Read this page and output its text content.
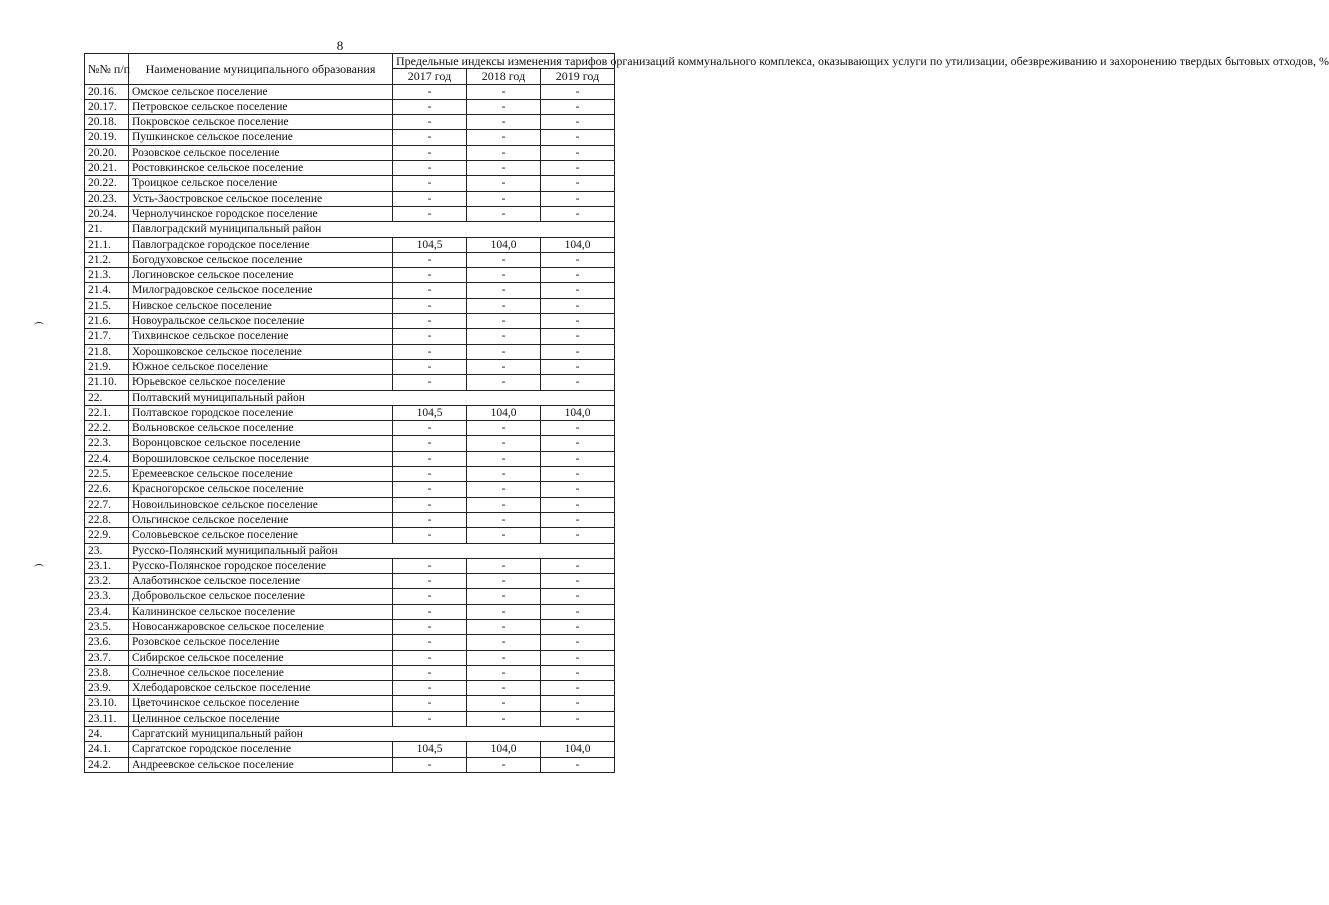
8
№№ п/п	Наименование муниципального образования	Предельные индексы изменения тарифов организаций коммунального комплекса, оказывающих услуги по утилизации, обезвреживанию и захоронению твердых бытовых отходов, %		
		2017 год	2018 год	2019 год
20.16.	Омское сельское поселение	-	-	-
20.17.	Петровское сельское поселение	-	-	-
20.18.	Покровское сельское поселение	-	-	-
20.19.	Пушкинское сельское поселение	-	-	-
20.20.	Розовское сельское поселение	-	-	-
20.21.	Ростовкинское сельское поселение	-	-	-
20.22.	Троицкое сельское поселение	-	-	-
20.23.	Усть-Заостровское сельское поселение	-	-	-
20.24.	Чернолучинское городское поселение	-	-	-
21.	Павлоградский муниципальный район			
21.1.	Павлоградское городское поселение	104,5	104,0	104,0
21.2.	Богодуховское сельское поселение	-	-	-
21.3.	Логиновское сельское поселение	-	-	-
21.4.	Милоградовское сельское поселение	-	-	-
21.5.	Нивское сельское поселение	-	-	-
21.6.	Новоуральское сельское поселение	-	-	-
21.7.	Тихвинское сельское поселение	-	-	-
21.8.	Хорошковское сельское поселение	-	-	-
21.9.	Южное сельское поселение	-	-	-
21.10.	Юрьевское сельское поселение	-	-	-
22.	Полтавский муниципальный район			
22.1.	Полтавское городское поселение	104,5	104,0	104,0
22.2.	Вольновское сельское поселение	-	-	-
22.3.	Воронцовское сельское поселение	-	-	-
22.4.	Ворошиловское сельское поселение	-	-	-
22.5.	Еремеевское сельское поселение	-	-	-
22.6.	Красногорское сельское поселение	-	-	-
22.7.	Новоильиновское сельское поселение	-	-	-
22.8.	Ольгинское сельское поселение	-	-	-
22.9.	Соловьевское сельское поселение	-	-	-
23.	Русско-Полянский муниципальный район			
23.1.	Русско-Полянское городское поселение	-	-	-
23.2.	Алаботинское сельское поселение	-	-	-
23.3.	Добровольское сельское поселение	-	-	-
23.4.	Калининское сельское поселение	-	-	-
23.5.	Новосанжаровское сельское поселение	-	-	-
23.6.	Розовское сельское поселение	-	-	-
23.7.	Сибирское сельское поселение	-	-	-
23.8.	Солнечное сельское поселение	-	-	-
23.9.	Хлебодаровское сельское поселение	-	-	-
23.10.	Цветочинское сельское поселение	-	-	-
23.11.	Целинное сельское поселение	-	-	-
24.	Саргатский муниципальный район			
24.1.	Саргатское городское поселение	104,5	104,0	104,0
24.2.	Андреевское сельское поселение	-	-	-
